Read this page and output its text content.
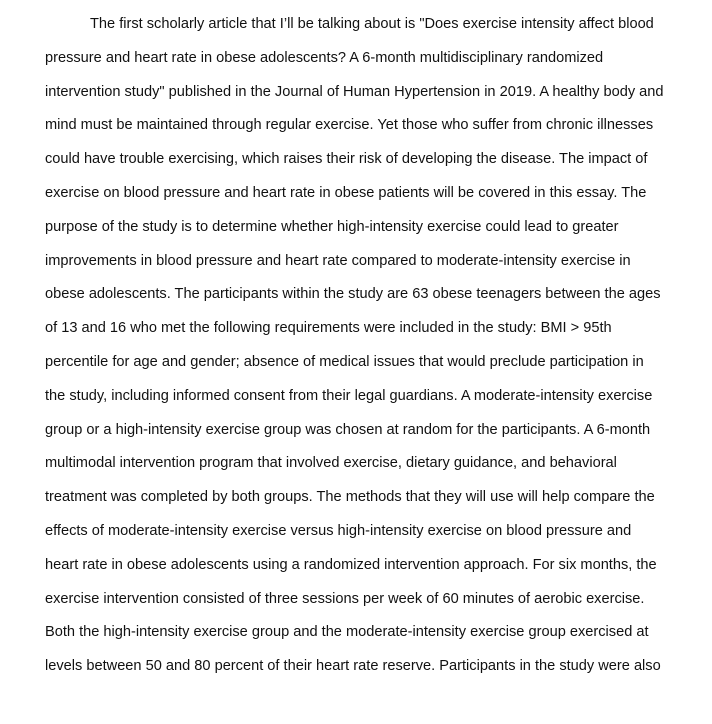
The first scholarly article that I’ll be talking about is "Does exercise intensity affect blood
pressure and heart rate in obese adolescents? A 6-month multidisciplinary randomized
intervention study" published in the Journal of Human Hypertension in 2019. A healthy body and
mind must be maintained through regular exercise. Yet those who suffer from chronic illnesses
could have trouble exercising, which raises their risk of developing the disease. The impact of
exercise on blood pressure and heart rate in obese patients will be covered in this essay. The
purpose of the study is to determine whether high-intensity exercise could lead to greater
improvements in blood pressure and heart rate compared to moderate-intensity exercise in
obese adolescents. The participants within the study are 63 obese teenagers between the ages
of 13 and 16 who met the following requirements were included in the study: BMI > 95th
percentile for age and gender; absence of medical issues that would preclude participation in
the study, including informed consent from their legal guardians. A moderate-intensity exercise
group or a high-intensity exercise group was chosen at random for the participants. A 6-month
multimodal intervention program that involved exercise, dietary guidance, and behavioral
treatment was completed by both groups. The methods that they will use will help compare the
effects of moderate-intensity exercise versus high-intensity exercise on blood pressure and
heart rate in obese adolescents using a randomized intervention approach. For six months, the
exercise intervention consisted of three sessions per week of 60 minutes of aerobic exercise.
Both the high-intensity exercise group and the moderate-intensity exercise group exercised at
levels between 50 and 80 percent of their heart rate reserve. Participants in the study were also
